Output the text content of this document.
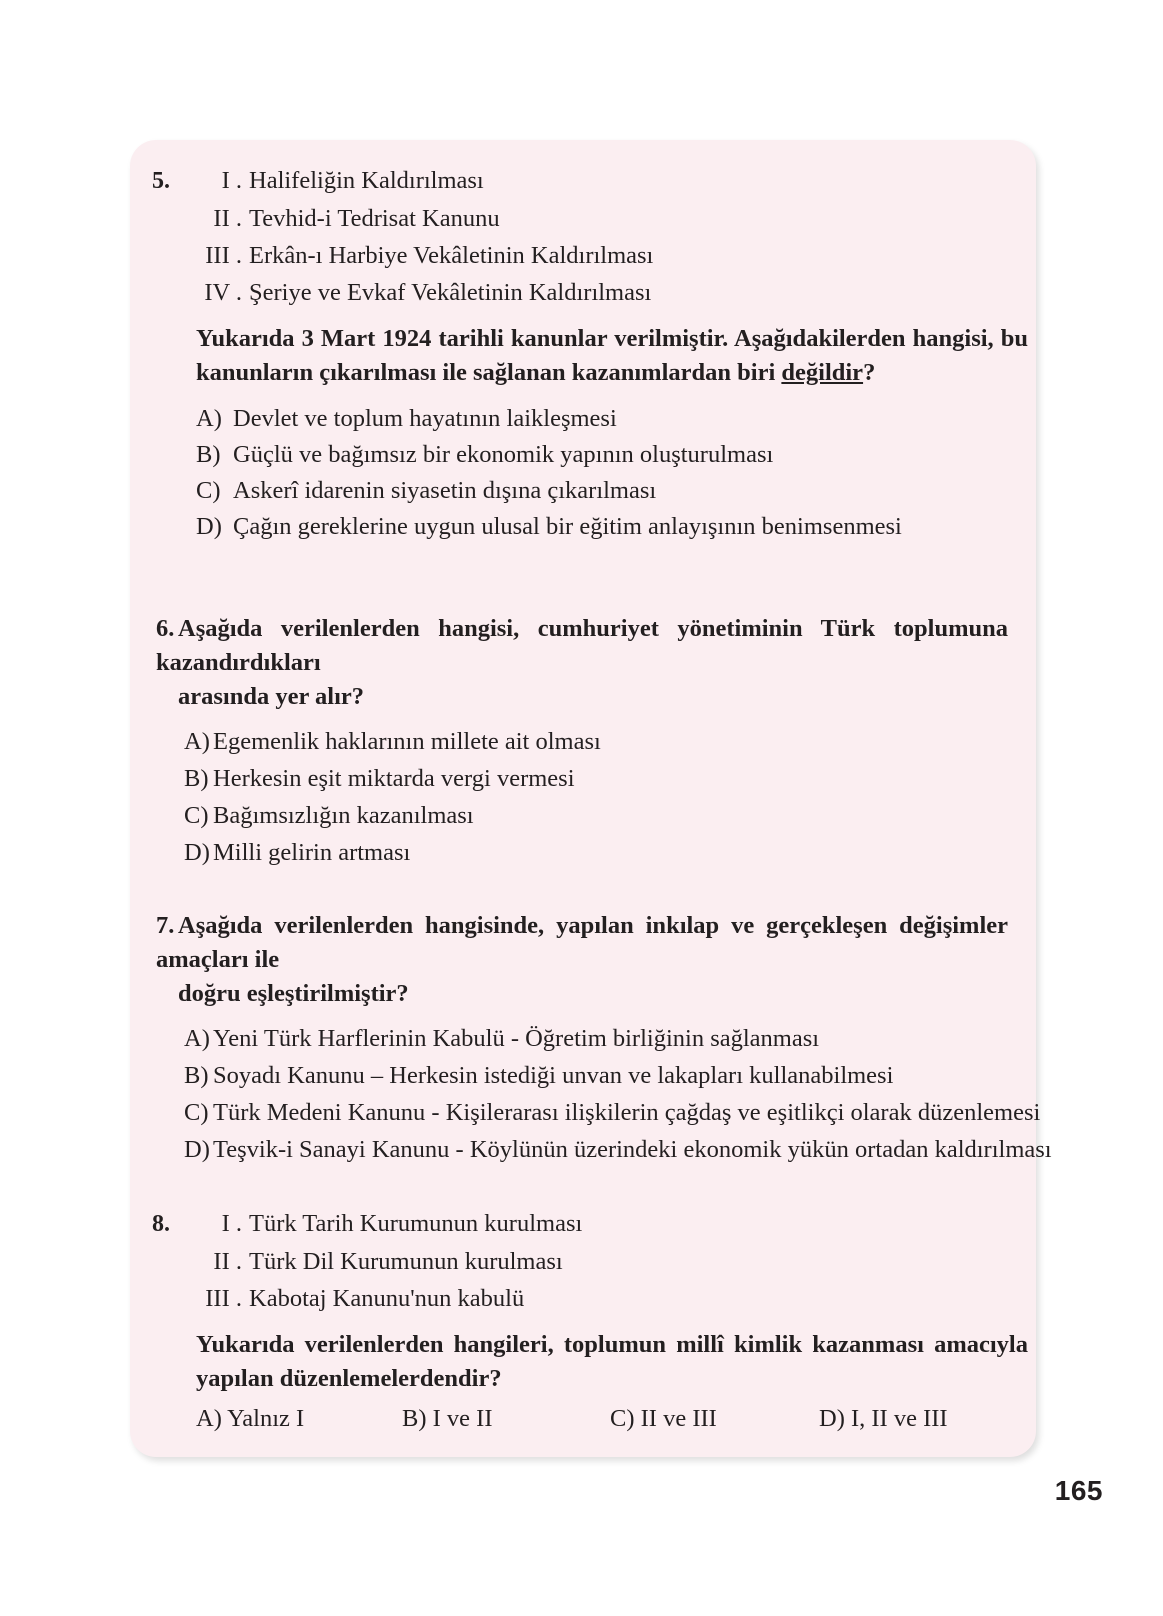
5.	I . Halifeliğin Kaldırılması
II . Tevhid-i Tedrisat Kanunu
III . Erkân-ı Harbiye Vekâletinin Kaldırılması
IV . Şeriye ve Evkaf Vekâletinin Kaldırılması
Yukarıda 3 Mart 1924 tarihli kanunlar verilmiştir. Aşağıdakilerden hangisi, bu kanunların çıkarılması ile sağlanan kazanımlardan biri değildir?
A) Devlet ve toplum hayatının laikleşmesi
B) Güçlü ve bağımsız bir ekonomik yapının oluşturulması
C) Askerî idarenin siyasetin dışına çıkarılması
D) Çağın gereklerine uygun ulusal bir eğitim anlayışının benimsenmesi
6. Aşağıda verilenlerden hangisi, cumhuriyet yönetiminin Türk toplumuna kazandırdıkları
arasında yer alır?
A) Egemenlik haklarının millete ait olması
B) Herkesin eşit miktarda vergi vermesi
C) Bağımsızlığın kazanılması
D) Milli gelirin artması
7. Aşağıda verilenlerden hangisinde, yapılan inkılap ve gerçekleşen değişimler amaçları ile
doğru eşleştirilmiştir?
A) Yeni Türk Harflerinin Kabulü - Öğretim birliğinin sağlanması
B) Soyadı Kanunu – Herkesin istediği unvan ve lakapları kullanabilmesi
C) Türk Medeni Kanunu - Kişilerarası ilişkilerin çağdaş ve eşitlikçi olarak düzenlemesi
D) Teşvik-i Sanayi Kanunu - Köylünün üzerindeki ekonomik yükün ortadan kaldırılması
8.	I . Türk Tarih Kurumunun kurulması
II . Türk Dil Kurumunun kurulması
III . Kabotaj Kanunu'nun kabulü
Yukarıda verilenlerden hangileri, toplumun millî kimlik kazanması amacıyla yapılan düzenlemelerdendir?
A) Yalnız I	B) I ve II	C) II ve III	D) I, II ve III
165
